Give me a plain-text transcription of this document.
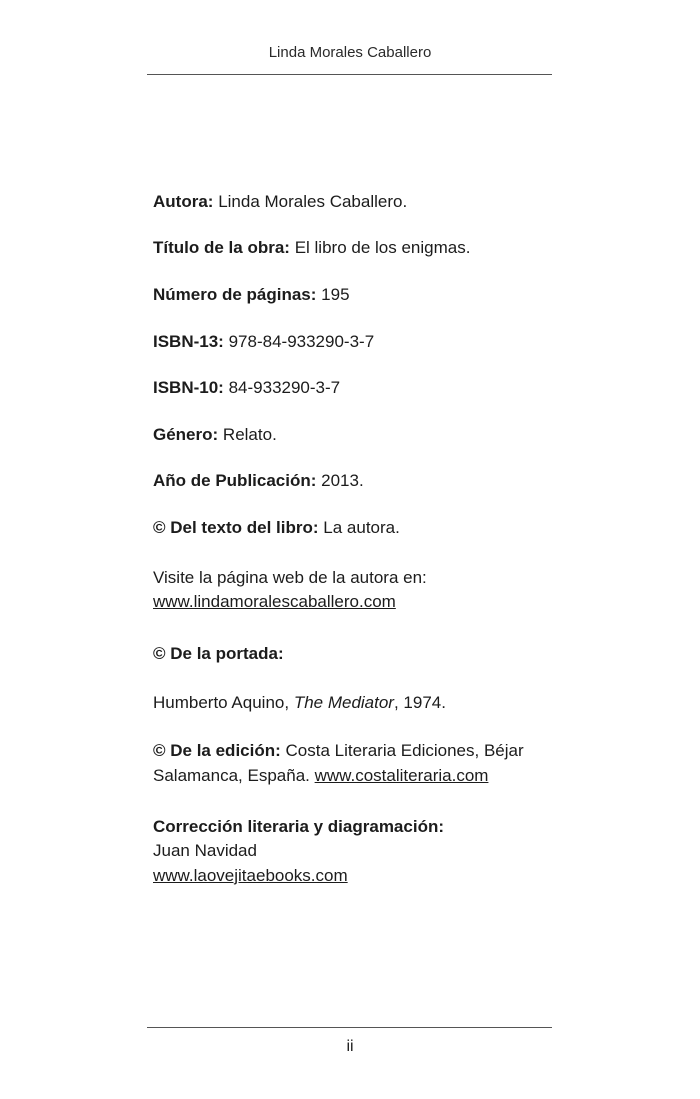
Linda Morales Caballero
Autora: Linda Morales Caballero.
Título de la obra: El libro de los enigmas.
Número de páginas: 195
ISBN-13: 978-84-933290-3-7
ISBN-10: 84-933290-3-7
Género: Relato.
Año de Publicación: 2013.
© Del texto del libro: La autora.
Visite la página web de la autora en:
www.lindamoralescaballero.com
© De la portada:
Humberto Aquino, The Mediator, 1974.
© De la edición: Costa Literaria Ediciones, Béjar
Salamanca, España. www.costaliteraria.com
Corrección literaria y diagramación:
Juan Navidad
www.laovejitaebooks.com
ii
